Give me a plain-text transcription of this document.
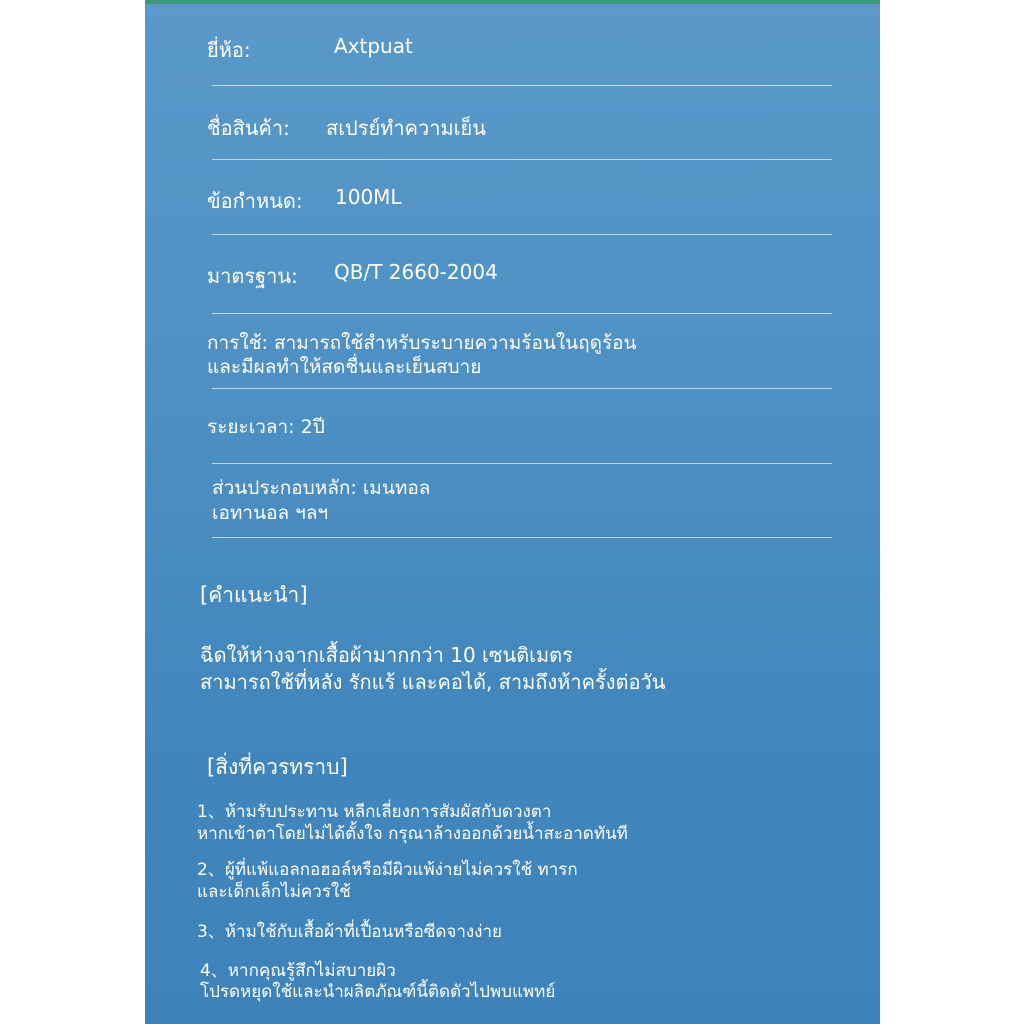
ยี่ห้อ:	Axtpuat
ชื่อสินค้า: สเปรย์ทำความเย็น
ข้อกำหนด: 100ML
มาตรฐาน: QB/T 2660-2004
การใช้: สามารถใช้สำหรับระบายความร้อนในฤดูร้อน
และมีผลทำให้สดชื่นและเย็นสบาย
ระยะเวลา: 2ปี
ส่วนประกอบหลัก: เมนทอล
เอทานอล ฯลฯ
[คำแนะนำ]
ฉีดให้ห่างจากเสื้อผ้ามากกว่า 10 เซนติเมตร
สามารถใช้ที่หลัง รักแร้ และคอได้, สามถึงห้าครั้งต่อวัน
[สิ่งที่ควรทราบ]
1、ห้ามรับประทาน หลีกเลี่ยงการสัมผัสกับดวงตา
หากเข้าตาโดยไม่ได้ตั้งใจ กรุณาล้างออกด้วยน้ำสะอาดทันที
2、ผู้ที่แพ้แอลกอฮอล์หรือมีผิวแพ้ง่ายไม่ควรใช้ ทารก
และเด็กเล็กไม่ควรใช้
3、ห้ามใช้กับเสื้อผ้าที่เปื้อนหรือซีดจางง่าย
4、หากคุณรู้สึกไม่สบายผิว
โปรดหยุดใช้และนำผลิตภัณฑ์นี้ติดตัวไปพบแพทย์
